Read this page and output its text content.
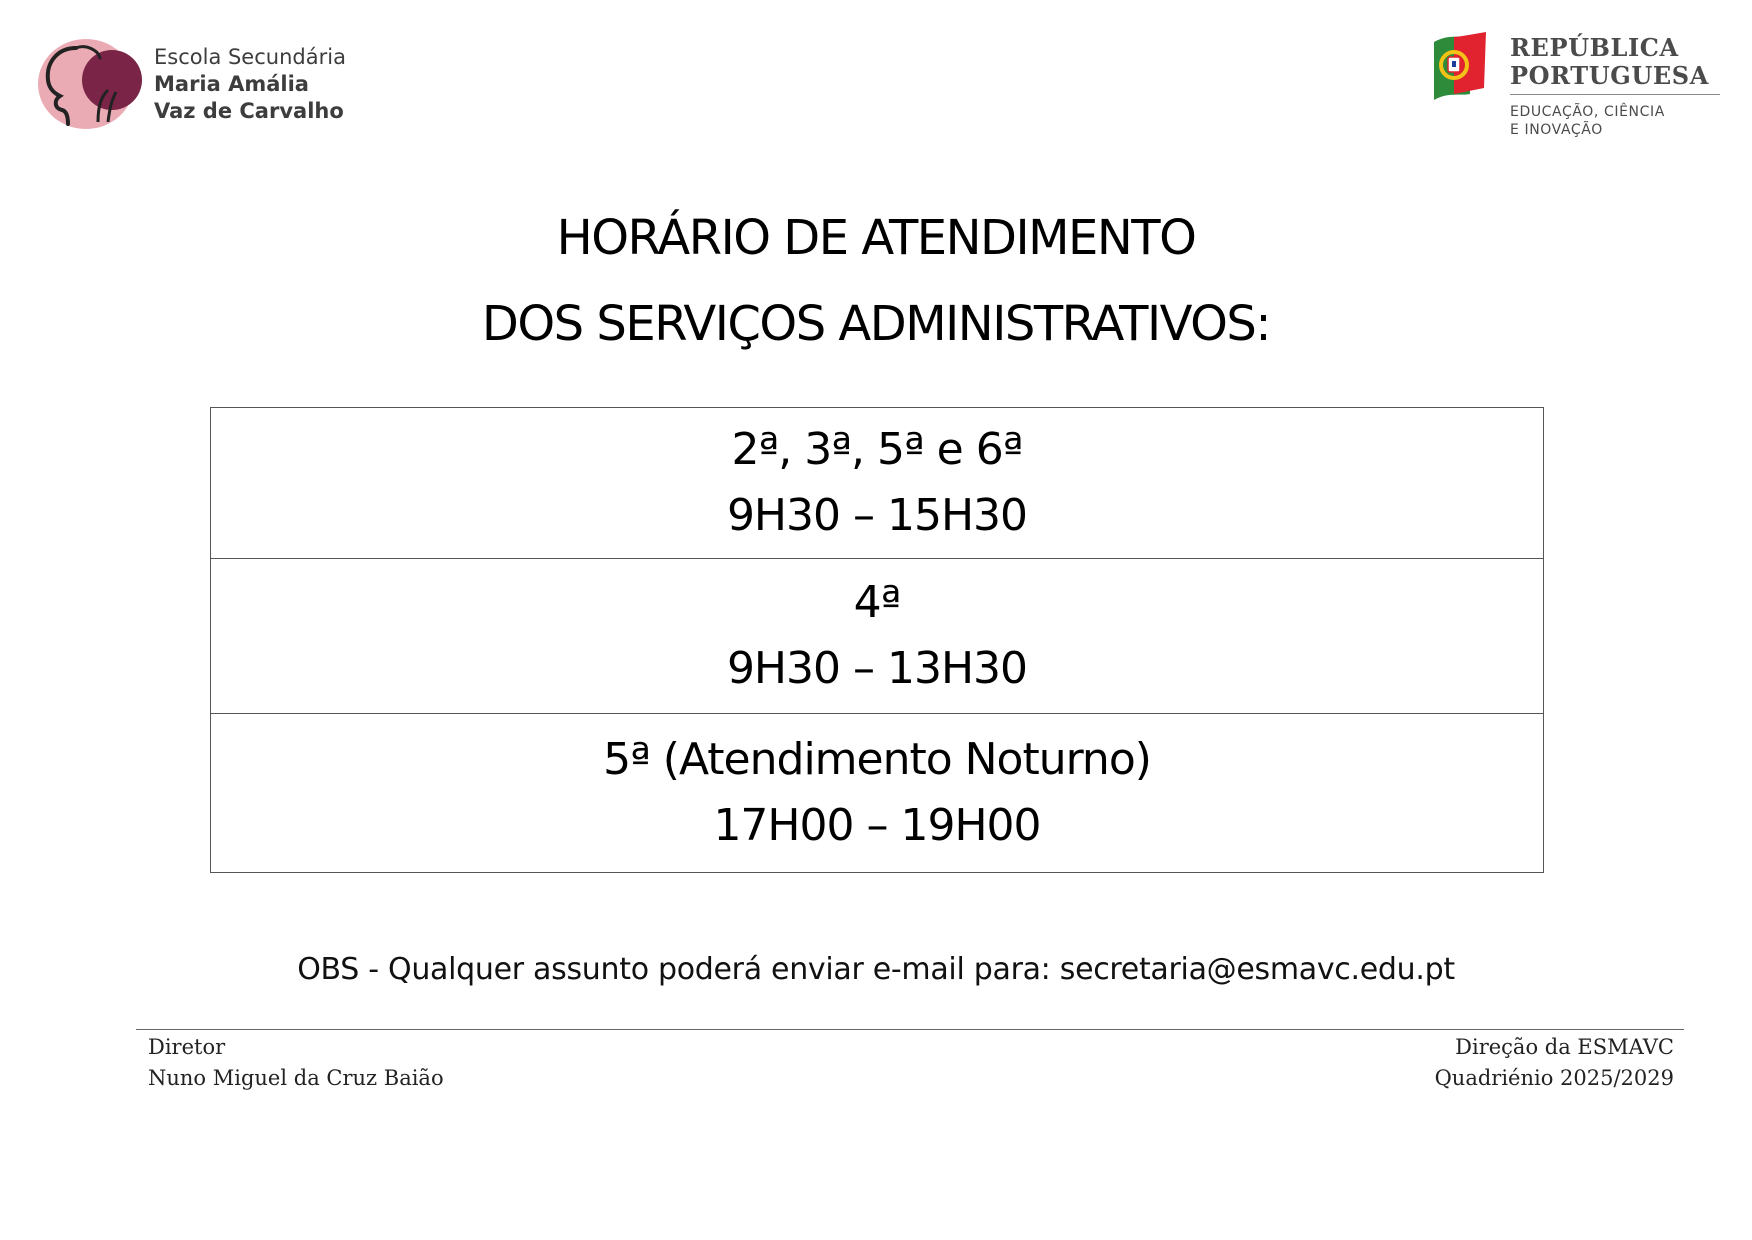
Escola Secundária
Maria Amália
Vaz de Carvalho
REPÚBLICA
PORTUGUESA
EDUCAÇÃO, CIÊNCIA
E INOVAÇÃO
HORÁRIO DE ATENDIMENTO
DOS SERVIÇOS ADMINISTRATIVOS:
2ª, 3ª, 5ª e 6ª
9H30 – 15H30
4ª
9H30 – 13H30
5ª (Atendimento Noturno)
17H00 – 19H00
OBS - Qualquer assunto poderá enviar e-mail para: secretaria@esmavc.edu.pt
Diretor
Nuno Miguel da Cruz Baião
Direção da ESMAVC
Quadriénio 2025/2029
